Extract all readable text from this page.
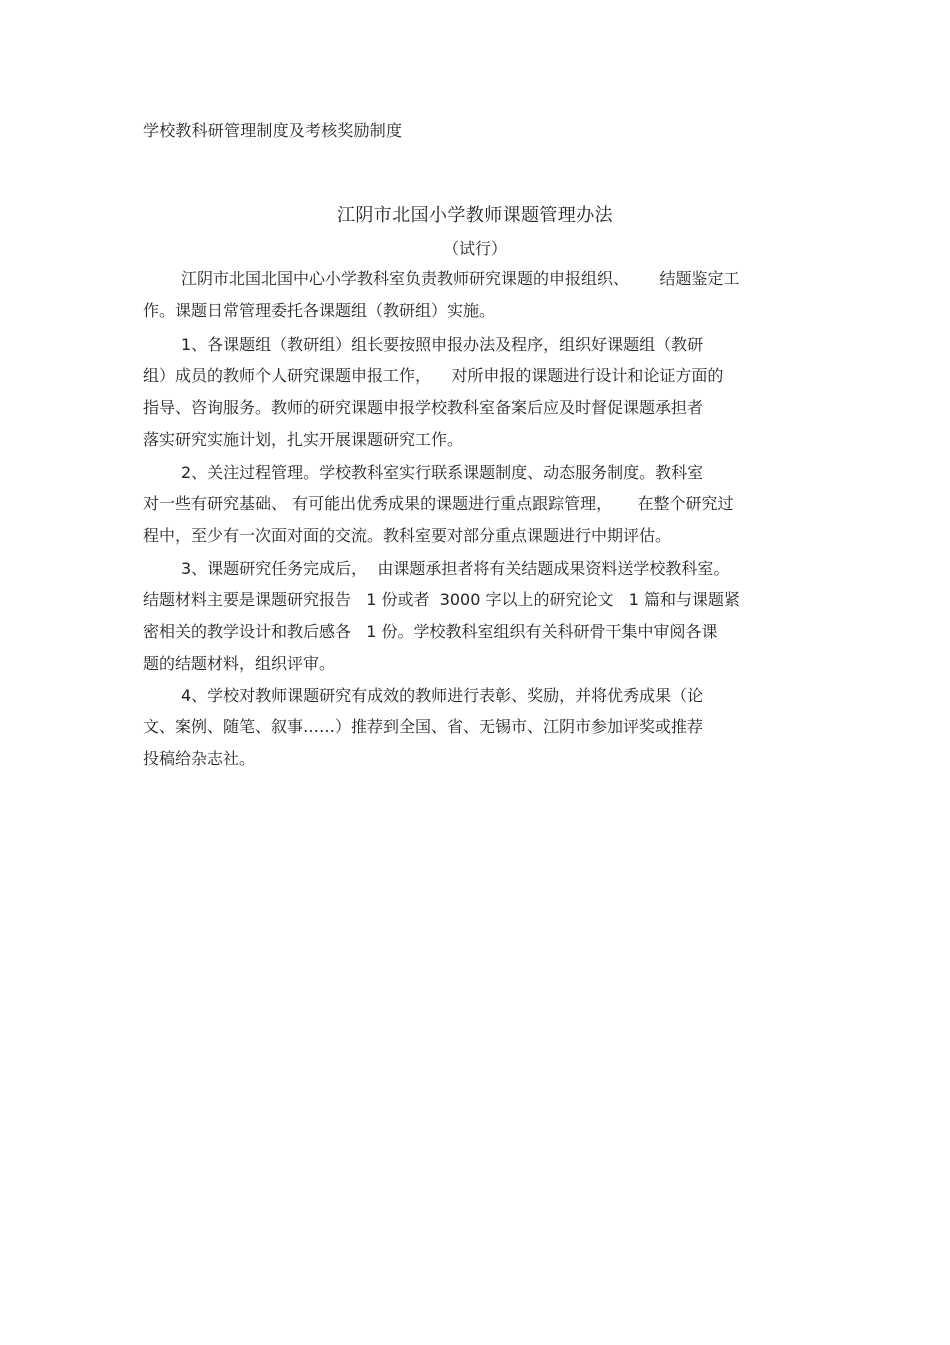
学校教科研管理制度及考核奖励制度
江阴市北国小学教师课题管理办法
（试行）
江阴市北国北国中心小学教科室负责教师研究课题的申报组织、      结题鉴定工
作。课题日常管理委托各课题组（教研组）实施。
1、各课题组（教研组）组长要按照申报办法及程序，组织好课题组（教研
组）成员的教师个人研究课题申报工作，    对所申报的课题进行设计和论证方面的
指导、咨询服务。教师的研究课题申报学校教科室备案后应及时督促课题承担者
落实研究实施计划，扎实开展课题研究工作。
2、关注过程管理。学校教科室实行联系课题制度、动态服务制度。教科室
对一些有研究基础、 有可能出优秀成果的课题进行重点跟踪管理，     在整个研究过
程中，至少有一次面对面的交流。教科室要对部分重点课题进行中期评估。
3、课题研究任务完成后，  由课题承担者将有关结题成果资料送学校教科室。
结题材料主要是课题研究报告   1 份或者  3000 字以上的研究论文   1 篇和与课题紧
密相关的教学设计和教后感各   1 份。学校教科室组织有关科研骨干集中审阅各课
题的结题材料，组织评审。
4、学校对教师课题研究有成效的教师进行表彰、奖励，并将优秀成果（论
文、案例、随笔、叙事……）推荐到全国、省、无锡市、江阴市参加评奖或推荐
投稿给杂志社。
